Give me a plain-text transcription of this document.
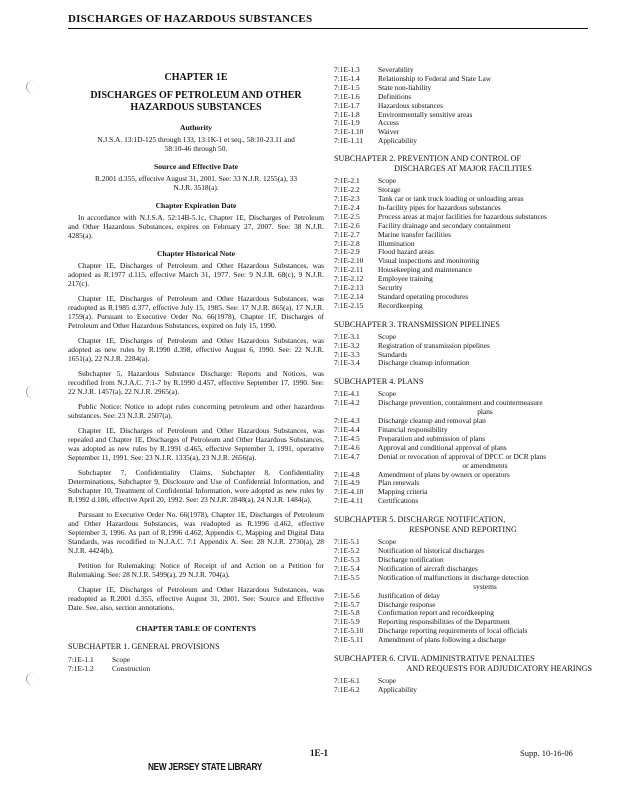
DISCHARGES OF HAZARDOUS SUBSTANCES
CHAPTER 1E
DISCHARGES OF PETROLEUM AND OTHER HAZARDOUS SUBSTANCES
Authority
N.J.S.A. 13:1D-125 through 133, 13:1K-1 et seq., 58:10-23.11 and 58:10-46 through 50.
Source and Effective Date
R.2001 d.355, effective August 31, 2001. See: 33 N.J.R. 1255(a), 33 N.J.R. 3518(a).
Chapter Expiration Date
In accordance with N.J.S.A. 52:14B-5.1c, Chapter 1E, Discharges of Petroleum and Other Hazardous Substances, expires on February 27, 2007. See: 38 N.J.R. 4285(a).
Chapter Historical Note
Chapter 1E, Discharges of Petroleum and Other Hazardous Substances, was adopted as R.1977 d.115, effective March 31, 1977. See: 9 N.J.R. 68(c), 9 N.J.R. 217(c).
Chapter 1E, Discharges of Petroleum and Other Hazardous Substances, was readopted as R.1985 d.377, effective July 15, 1985. See: 17 N.J.R. 865(a), 17 N.J.R. 1759(a). Pursuant to Executive Order No. 66(1978), Chapter 1F, Discharges of Petroleum and Other Hazardous Substances, expired on July 15, 1990.
Chapter 1E, Discharges of Petroleum and Other Hazardous Substances, was adopted as new rules by R.1990 d.398, effective August 6, 1990. See: 22 N.J.R. 1651(a), 22 N.J.R. 2284(a).
Subchapter 5, Hazardous Substance Discharge: Reports and Notices, was recodified from N.J.A.C. 7:1-7 by R.1990 d.457, effective September 17, 1990. See: 22 N.J.R. 1457(a), 22 N.J.R. 2965(a).
Public Notice: Notice to adopt rules concerning petroleum and other hazardous substances. See: 23 N.J.R. 2507(a).
Chapter 1E, Discharges of Petroleum and Other Hazardous Substances, was repealed and Chapter 1E, Discharges of Petroleum and Other Hazardous Substances, was adopted as new rules by R.1991 d.465, effective September 3, 1991, operative September 11, 1991. See: 23 N.J.R. 1335(a), 23 N.J.R. 2656(a).
Subchapter 7, Confidentiality Claims, Subchapter 8, Confidentiality Determinations, Subchapter 9, Disclosure and Use of Confidential Information, and Subchapter 10, Treatment of Confidential Information, were adopted as new rules by R.1992 d.186, effective April 20, 1992. See: 23 N.J.R. 2848(a), 24 N.J.R. 1484(a).
Pursuant to Executive Order No. 66(1978), Chapter 1E, Discharges of Petroleum and Other Hazardous Substances, was readopted as R.1996 d.462, effective September 3, 1996. As part of R.1996 d.462, Appendix C, Mapping and Digital Data Standards, was recodified to N.J.A.C. 7:1 Appendix A. See: 28 N.J.R. 2730(a), 28 N.J.R. 4424(b).
Petition for Rulemaking: Notice of Receipt of and Action on a Petition for Rulemaking. See: 28 N.J.R. 5499(a), 29 N.J.R. 704(a).
Chapter 1E, Discharges of Petroleum and Other Hazardous Substances, was readopted as R.2001 d.355, effective August 31, 2001. See: Source and Effective Date. See, also, section annotations.
CHAPTER TABLE OF CONTENTS
SUBCHAPTER 1. GENERAL PROVISIONS
7:1E-1.1	Scope
7:1E-1.2	Construction
7:1E-1.3	Severability
7:1E-1.4	Relationship to Federal and State Law
7:1E-1.5	State non-liability
7:1E-1.6	Definitions
7:1E-1.7	Hazardous substances
7:1E-1.8	Environmentally sensitive areas
7:1E-1.9	Access
7:1E-1.10	Waiver
7:1E-1.11	Applicability
SUBCHAPTER 2. PREVENTION AND CONTROL OF
DISCHARGES AT MAJOR FACILITIES
7:1E-2.1	Scope
7:1E-2.2	Storage
7:1E-2.3	Tank car or tank truck loading or unloading areas
7:1E-2.4	In-facility pipes for hazardous substances
7:1E-2.5	Process areas at major facilities for hazardous substances
7:1E-2.6	Facility drainage and secondary containment
7:1E-2.7	Marine transfer facilities
7:1E-2.8	Illumination
7:1E-2.9	Flood hazard areas
7:1E-2.10	Visual inspections and monitoring
7:1E-2.11	Housekeeping and maintenance
7:1E-2.12	Employee training
7:1E-2.13	Security
7:1E-2.14	Standard operating procedures
7:1E-2.15	Recordkeeping
SUBCHAPTER 3. TRANSMISSION PIPELINES
7:1E-3.1	Scope
7:1E-3.2	Registration of transmission pipelines
7:1E-3.3	Standards
7:1E-3.4	Discharge cleanup information
SUBCHAPTER 4. PLANS
7:1E-4.1	Scope
7:1E-4.2	Discharge prevention, containment and countermeasure
plans
7:1E-4.3	Discharge cleanup and removal plan
7:1E-4.4	Financial responsibility
7:1E-4.5	Preparation and submission of plans
7:1E-4.6	Approval and conditional approval of plans
7:1E-4.7	Denial or revocation of approval of DPCC or DCR plans
or amendments
7:1E-4.8	Amendment of plans by owners or operators
7:1E-4.9	Plan renewals
7:1E-4.10	Mapping criteria
7:1E-4.11	Certifications
SUBCHAPTER 5. DISCHARGE NOTIFICATION,
RESPONSE AND REPORTING
7:1E-5.1	Scope
7:1E-5.2	Notification of historical discharges
7:1E-5.3	Discharge notification
7:1E-5.4	Notification of aircraft discharges
7:1E-5.5	Notification of malfunctions in discharge detection
systems
7:1E-5.6	Justification of delay
7:1E-5.7	Discharge response
7:1E-5.8	Confirmation report and recordkeeping
7:1E-5.9	Reporting responsibilities of the Department
7:1E-5.10	Discharge reporting requirements of local officials
7:1E-5.11	Amendment of plans following a discharge
SUBCHAPTER 6. CIVIL ADMINISTRATIVE PENALTIES
AND REQUESTS FOR ADJUDICATORY HEARINGS
7:1E-6.1	Scope
7:1E-6.2	Applicability
1E-1	Supp. 10-16-06
NEW JERSEY STATE LIBRARY
